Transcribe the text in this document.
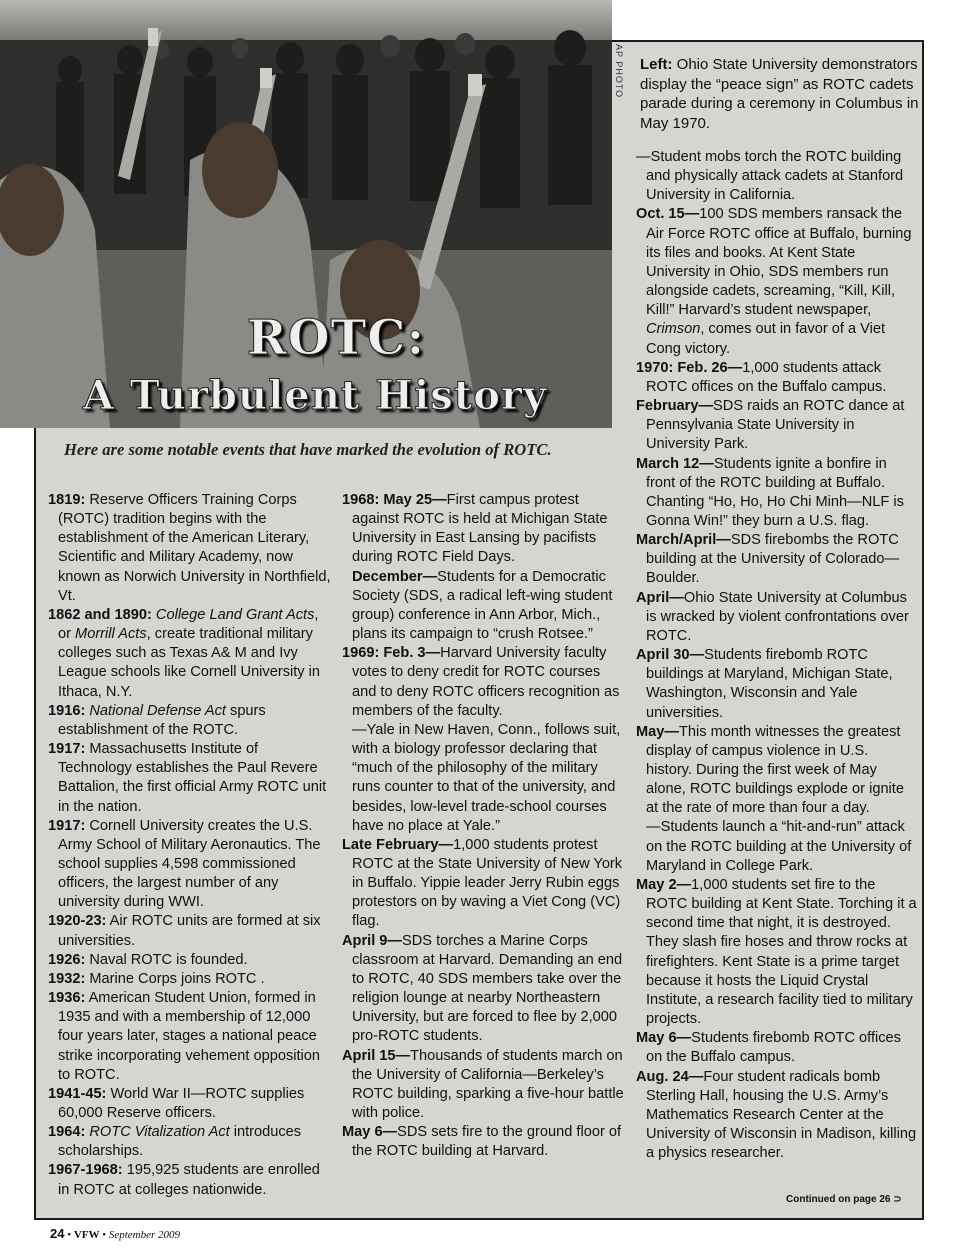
ROTC:
A Turbulent History
AP PHOTO Left: Ohio State University demonstrators display the “peace sign” as ROTC cadets parade during a ceremony in Columbus in May 1970.

Here are some notable events that have marked the evolution of ROTC.

1819: Reserve Officers Training Corps (ROTC) tradition begins with the establishment of the American Literary, Scientific and Military Academy, now known as Norwich University in Northfield, Vt.

1862 and 1890: College Land Grant Acts, or Morrill Acts, create traditional military colleges such as Texas A& M and Ivy League schools like Cornell University in Ithaca, N.Y.

1916: National Defense Act spurs establishment of the ROTC.

1917: Massachusetts Institute of Technology establishes the Paul Revere Battalion, the first official Army ROTC unit in the nation.

1917: Cornell University creates the U.S. Army School of Military Aeronautics. The school supplies 4,598 commissioned officers, the largest number of any university during WWI.

1920-23: Air ROTC units are formed at six universities.

1926: Naval ROTC is founded.

1932: Marine Corps joins ROTC .

1936: American Student Union, formed in 1935 and with a membership of 12,000 four years later, stages a national peace strike incorporating vehement opposition to ROTC.

1941-45: World War II—ROTC supplies 60,000 Reserve officers.

1964: ROTC Vitalization Act introduces scholarships.

1967-1968: 195,925 students are enrolled in ROTC at colleges nationwide.

1968: May 25—First campus protest against ROTC is held at Michigan State University in East Lansing by pacifists during ROTC Field Days.

December—Students for a Democratic Society (SDS, a radical left-wing student group) conference in Ann Arbor, Mich., plans its campaign to “crush Rotsee.”

1969: Feb. 3—Harvard University faculty votes to deny credit for ROTC courses and to deny ROTC officers recognition as members of the faculty.

—Yale in New Haven, Conn., follows suit, with a biology professor declaring that “much of the philosophy of the military runs counter to that of the university, and besides, low-level trade-school courses have no place at Yale.”

Late February—1,000 students protest ROTC at the State University of New York in Buffalo. Yippie leader Jerry Rubin eggs protestors on by waving a Viet Cong (VC) flag.

April 9—SDS torches a Marine Corps classroom at Harvard. Demanding an end to ROTC, 40 SDS members take over the religion lounge at nearby Northeastern University, but are forced to flee by 2,000 pro-ROTC students.

April 15—Thousands of students march on the University of California—Berkeley’s ROTC building, sparking a five-hour battle with police.

May 6—SDS sets fire to the ground floor of the ROTC building at Harvard.

—Student mobs torch the ROTC building and physically attack cadets at Stanford University in California.

Oct. 15—100 SDS members ransack the Air Force ROTC office at Buffalo, burning its files and books. At Kent State University in Ohio, SDS members run alongside cadets, screaming, “Kill, Kill, Kill!” Harvard’s student newspaper, Crimson, comes out in favor of a Viet Cong victory.

1970: Feb. 26—1,000 students attack ROTC offices on the Buffalo campus.

February—SDS raids an ROTC dance at Pennsylvania State University in University Park.

March 12—Students ignite a bonfire in front of the ROTC building at Buffalo. Chanting “Ho, Ho, Ho Chi Minh—NLF is Gonna Win!” they burn a U.S. flag.

March/April—SDS firebombs the ROTC building at the University of Colorado—Boulder.

April—Ohio State University at Columbus is wracked by violent confrontations over ROTC.

April 30—Students firebomb ROTC buildings at Maryland, Michigan State, Washington, Wisconsin and Yale universities.

May—This month witnesses the greatest display of campus violence in U.S. history. During the first week of May alone, ROTC buildings explode or ignite at the rate of more than four a day.

—Students launch a “hit-and-run” attack on the ROTC building at the University of Maryland in College Park.

May 2—1,000 students set fire to the ROTC building at Kent State. Torching it a second time that night, it is destroyed. They slash fire hoses and throw rocks at firefighters. Kent State is a prime target because it hosts the Liquid Crystal Institute, a research facility tied to military projects.

May 6—Students firebomb ROTC offices on the Buffalo campus.

Aug. 24—Four student radicals bomb Sterling Hall, housing the U.S. Army’s Mathematics Research Center at the University of Wisconsin in Madison, killing a physics researcher.

Continued on page 26 ⊃
24 • VFW • September 2009
